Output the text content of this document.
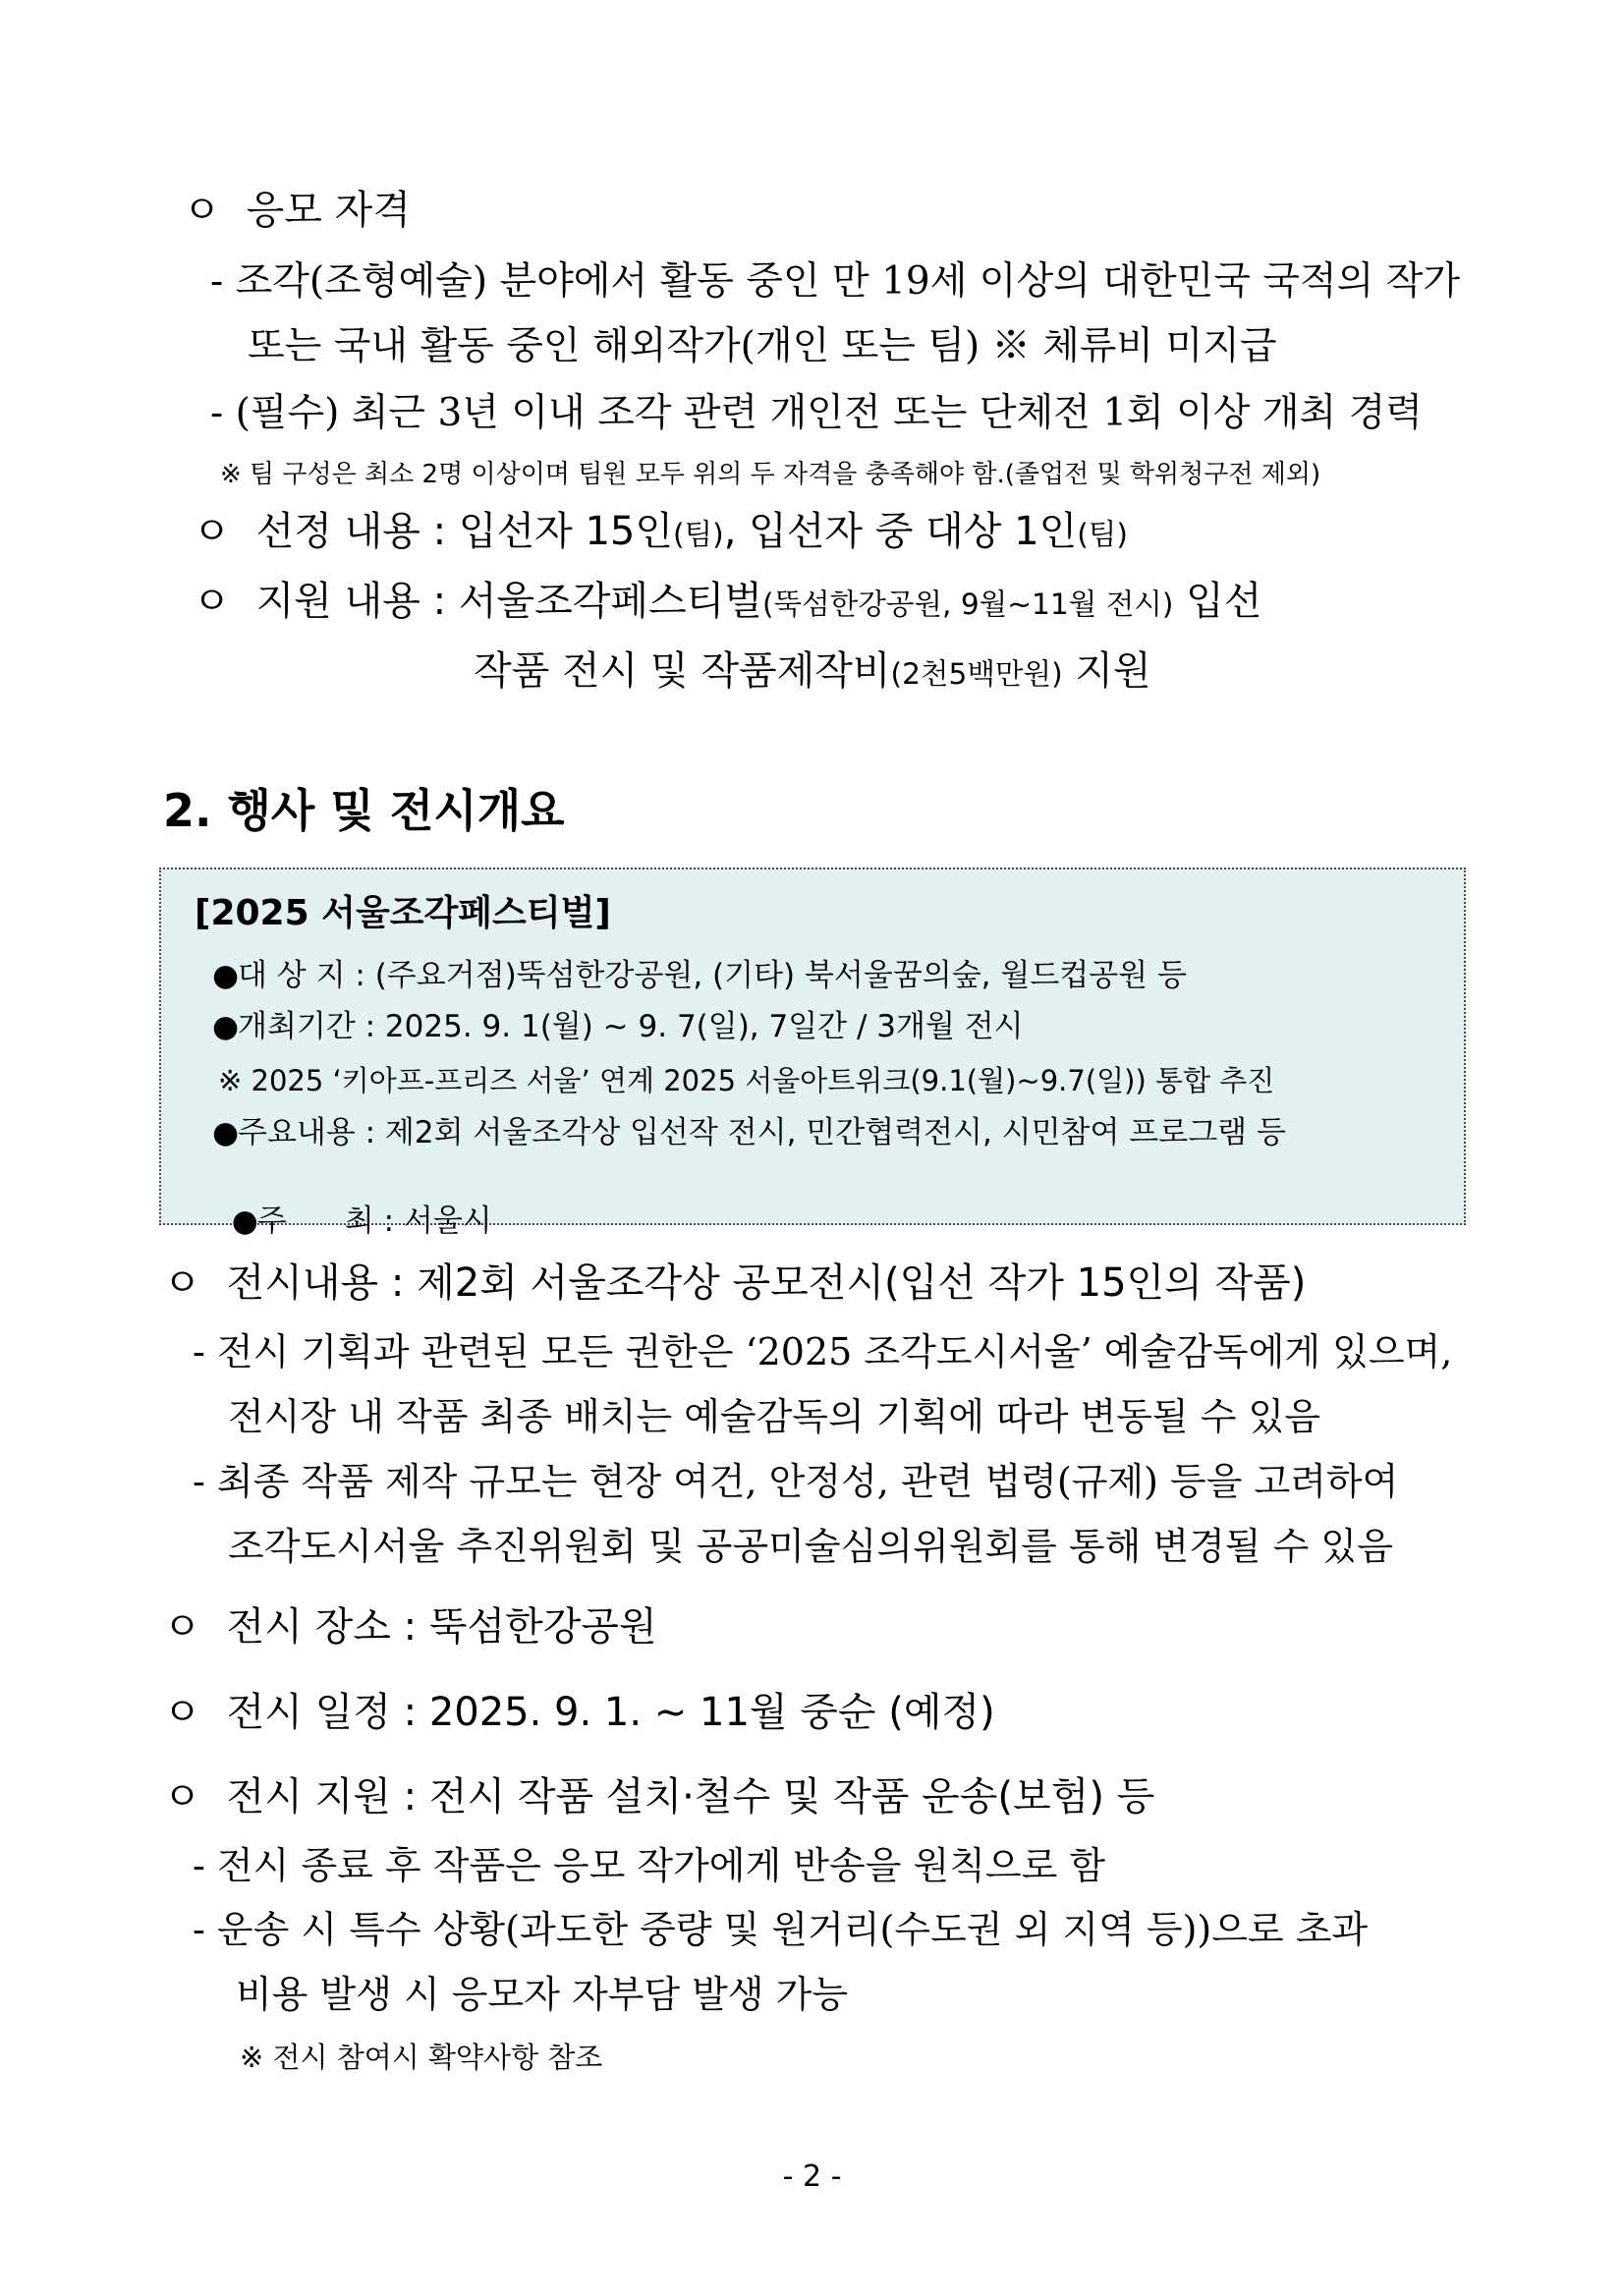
ㅇ 응모 자격
- 조각(조형예술) 분야에서 활동 중인 만 19세 이상의 대한민국 국적의 작가
또는 국내 활동 중인 해외작가(개인 또는 팀) ※ 체류비 미지급
- (필수) 최근 3년 이내 조각 관련 개인전 또는 단체전 1회 이상 개최 경력
※ 팀 구성은 최소 2명 이상이며 팀원 모두 위의 두 자격을 충족해야 함.(졸업전 및 학위청구전 제외)
ㅇ 선정 내용 : 입선자 15인(팀), 입선자 중 대상 1인(팀)
ㅇ 지원 내용 : 서울조각페스티벌(뚝섬한강공원, 9월~11월 전시) 입선
작품 전시 및 작품제작비(2천5백만원) 지원
2. 행사 및 전시개요
[2025 서울조각페스티벌]
●대 상 지 : (주요거점)뚝섬한강공원, (기타) 북서울꿈의숲, 월드컵공원 등
●개최기간 : 2025. 9. 1(월) ~ 9. 7(일), 7일간 / 3개월 전시
※ 2025 ‘키아프-프리즈 서울’ 연계 2025 서울아트위크(9.1(월)~9.7(일)) 통합 추진
●주요내용 : 제2회 서울조각상 입선작 전시, 민간협력전시, 시민참여 프로그램 등

●주      최 : 서울시

ㅇ 전시내용 : 제2회 서울조각상 공모전시(입선 작가 15인의 작품)
- 전시 기획과 관련된 모든 권한은 ‘2025 조각도시서울’ 예술감독에게 있으며,
전시장 내 작품 최종 배치는 예술감독의 기획에 따라 변동될 수 있음
- 최종 작품 제작 규모는 현장 여건, 안정성, 관련 법령(규제) 등을 고려하여
조각도시서울 추진위원회 및 공공미술심의위원회를 통해 변경될 수 있음
ㅇ 전시 장소 : 뚝섬한강공원
ㅇ 전시 일정 : 2025. 9. 1. ~ 11월 중순 (예정)
ㅇ 전시 지원 : 전시 작품 설치·철수 및 작품 운송(보험) 등
- 전시 종료 후 작품은 응모 작가에게 반송을 원칙으로 함
- 운송 시 특수 상황(과도한 중량 및 원거리(수도권 외 지역 등))으로 초과
비용 발생 시 응모자 자부담 발생 가능
※ 전시 참여시 확약사항 참조
- 2 -
